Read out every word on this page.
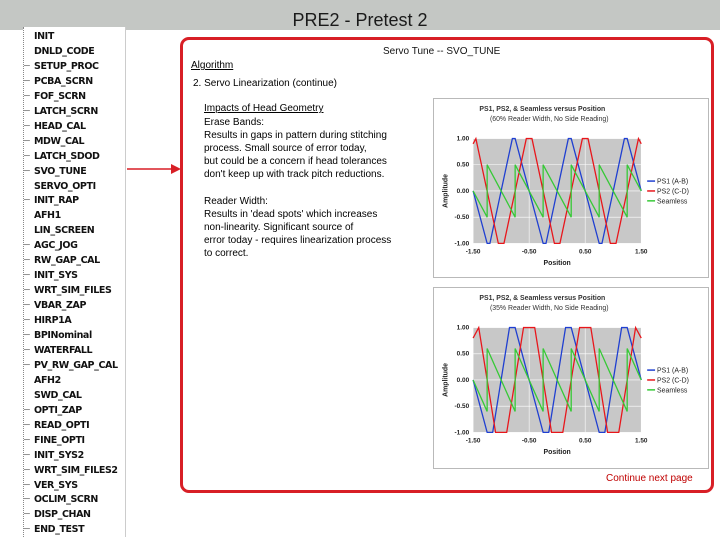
PRE2 - Pretest 2
INIT
DNLD_CODE
─ SETUP_PROC
─ PCBA_SCRN
─ FOF_SCRN
─ LATCH_SCRN
─ HEAD_CAL
─ MDW_CAL
─ LATCH_SDOD
─ SVO_TUNE
SERVO_OPTI
─ INIT_RAP
AFH1
LIN_SCREEN
─ AGC_JOG
─ RW_GAP_CAL
─ INIT_SYS
─ WRT_SIM_FILES
─ VBAR_ZAP
─ HIRP1A
─ BPINominal
─ WATERFALL
─ PV_RW_GAP_CAL
AFH2
SWD_CAL
─ OPTI_ZAP
─ READ_OPTI
─ FINE_OPTI
─ INIT_SYS2
─ WRT_SIM_FILES2
─ VER_SYS
─ OCLIM_SCRN
─ DISP_CHAN
─ END_TEST
Servo Tune -- SVO_TUNE
Algorithm
2. Servo Linearization (continue)
Impacts of Head Geometry
Erase Bands:
Results in gaps in pattern during stitching
process. Small source of error today,
but could be a concern if head tolerances
don't keep up with track pitch reductions.
Reader Width:
Results in 'dead spots' which increases
non-linearity. Significant source of
error today - requires linearization process
to correct.
PS1, PS2, & Seamless versus Position
(60% Reader Width, No Side Reading)
1.00
0.50
0.00
-0.50
-1.00
-1.50	-0.50	0.50	1.50
Position
Amplitude	PS1 (A-B)
PS2 (C-D)
Seamless
PS1, PS2, & Seamless versus Position
(35% Reader Width, No Side Reading)
1.00
0.50
0.00
-0.50
-1.00
-1.50	-0.50	0.50	1.50
Position
Amplitude	PS1 (A-B)
PS2 (C-D)
Seamless
Continue next page
